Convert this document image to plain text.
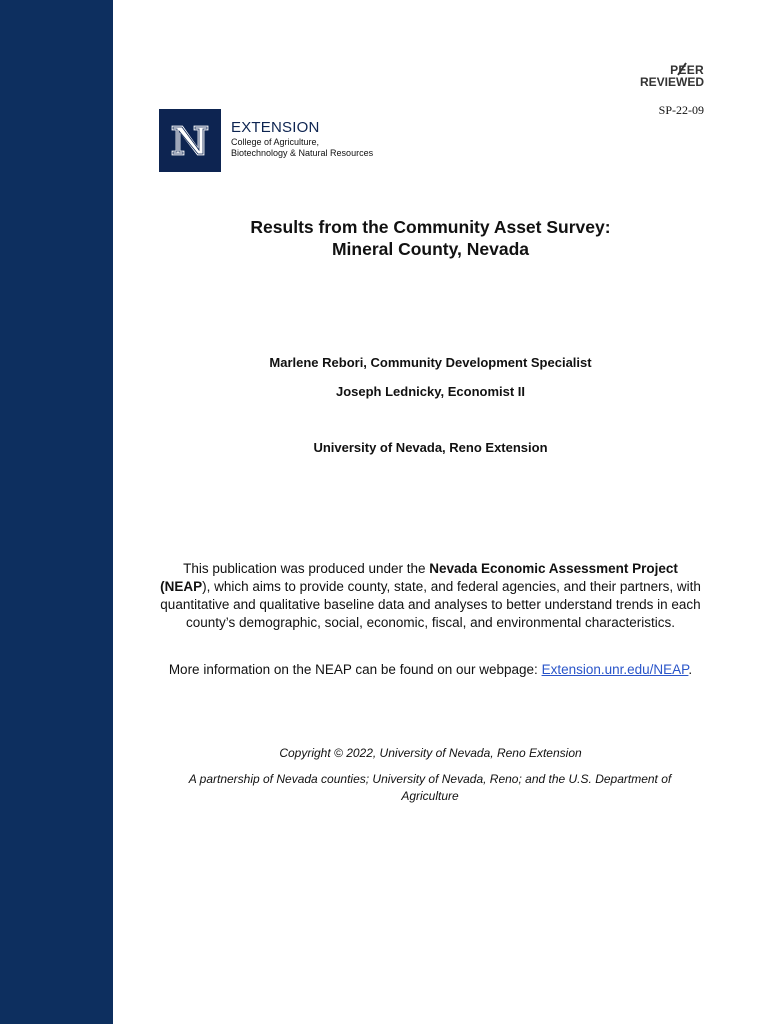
PEER
REVIEWED
SP-22-09
EXTENSION
College of Agriculture,
Biotechnology & Natural Resources
Results from the Community Asset Survey:
Mineral County, Nevada
Marlene Rebori, Community Development Specialist
Joseph Lednicky, Economist II
University of Nevada, Reno Extension
This publication was produced under the Nevada Economic Assessment Project (NEAP), which aims to provide county, state, and federal agencies, and their partners, with quantitative and qualitative baseline data and analyses to better understand trends in each county’s demographic, social, economic, fiscal, and environmental characteristics.
More information on the NEAP can be found on our webpage: Extension.unr.edu/NEAP.
Copyright © 2022, University of Nevada, Reno Extension
A partnership of Nevada counties; University of Nevada, Reno; and the U.S. Department of Agriculture
